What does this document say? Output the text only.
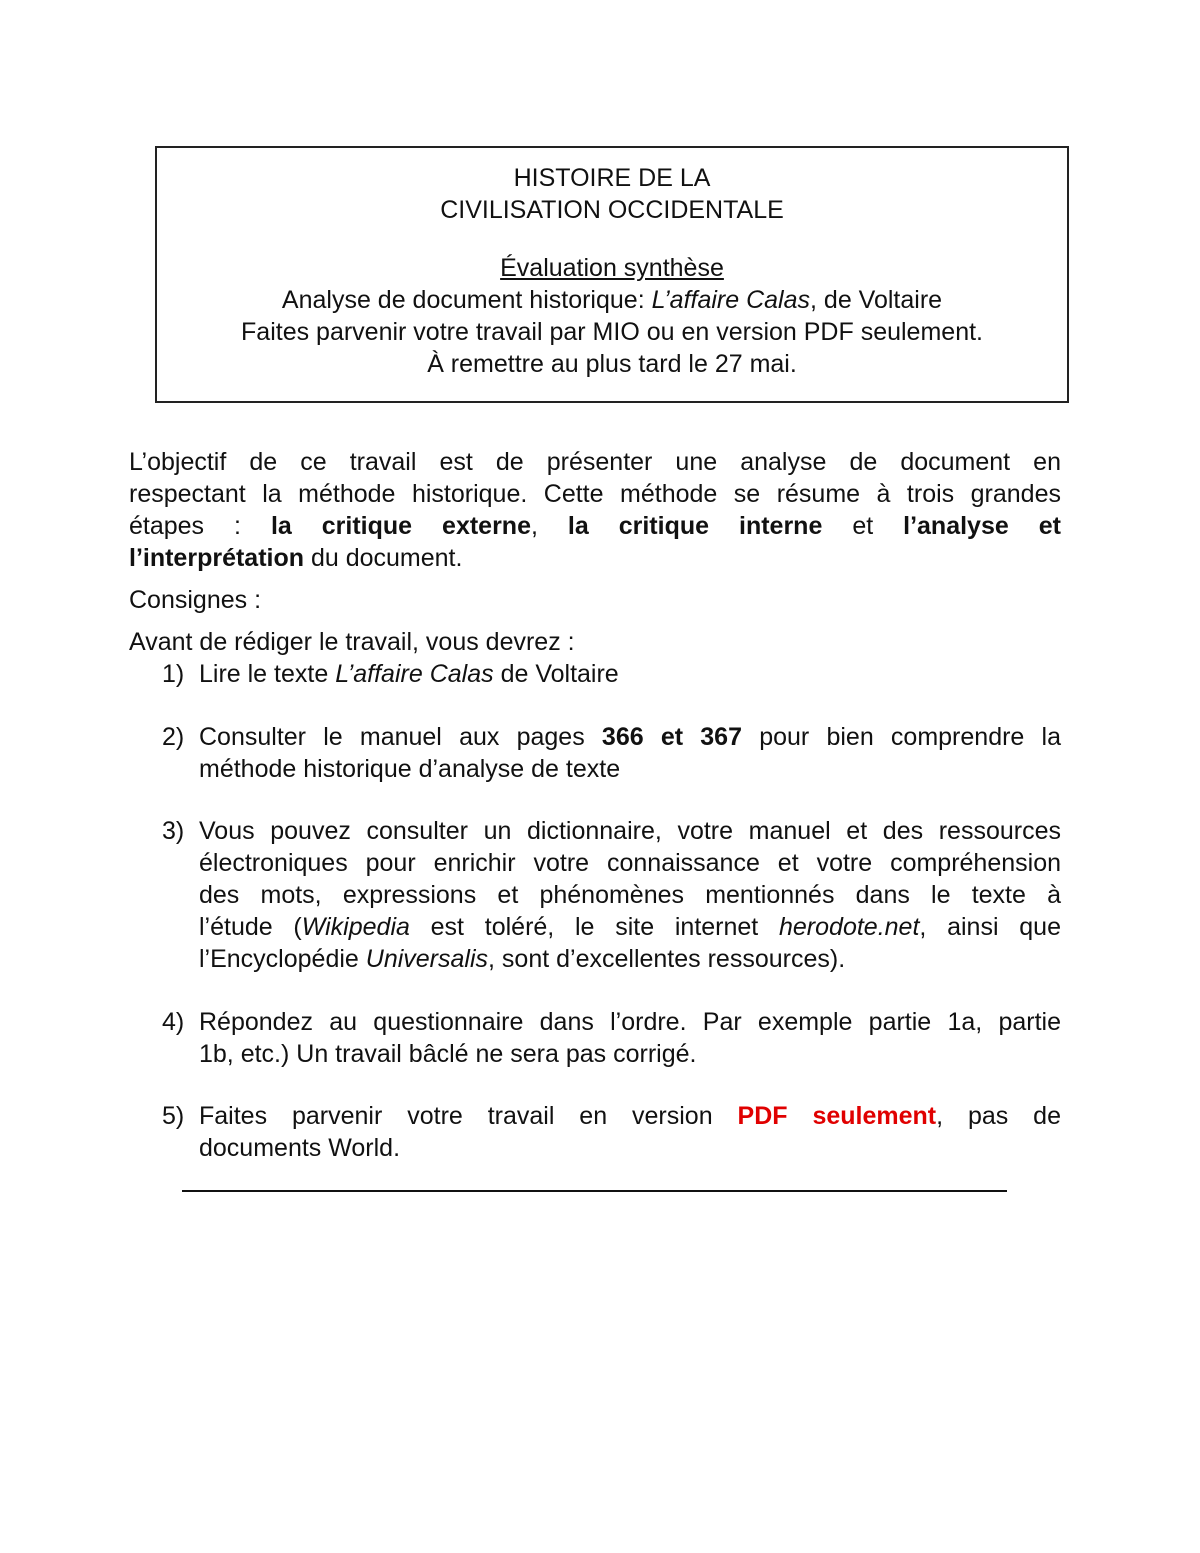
HISTOIRE DE LA
CIVILISATION OCCIDENTALE
Évaluation synthèse
Analyse de document historique: L’affaire Calas, de Voltaire
Faites parvenir votre travail par MIO ou en version PDF seulement.
À remettre au plus tard le 27 mai.
L’objectif de ce travail est de présenter une analyse de document en
respectant la méthode historique. Cette méthode se résume à trois grandes
étapes : la critique externe, la critique interne et l’analyse et
l’interprétation du document.
Consignes :
Avant de rédiger le travail, vous devrez :
1) Lire le texte L’affaire Calas de Voltaire
2) Consulter le manuel aux pages 366 et 367 pour bien comprendre la
méthode historique d’analyse de texte
3) Vous pouvez consulter un dictionnaire, votre manuel et des ressources
électroniques pour enrichir votre connaissance et votre compréhension
des mots, expressions et phénomènes mentionnés dans le texte à
l’étude (Wikipedia est toléré, le site internet herodote.net, ainsi que
l’Encyclopédie Universalis, sont d’excellentes ressources).
4) Répondez au questionnaire dans l’ordre. Par exemple partie 1a, partie
1b, etc.) Un travail bâclé ne sera pas corrigé.
5) Faites parvenir votre travail en version PDF seulement, pas de
documents World.
